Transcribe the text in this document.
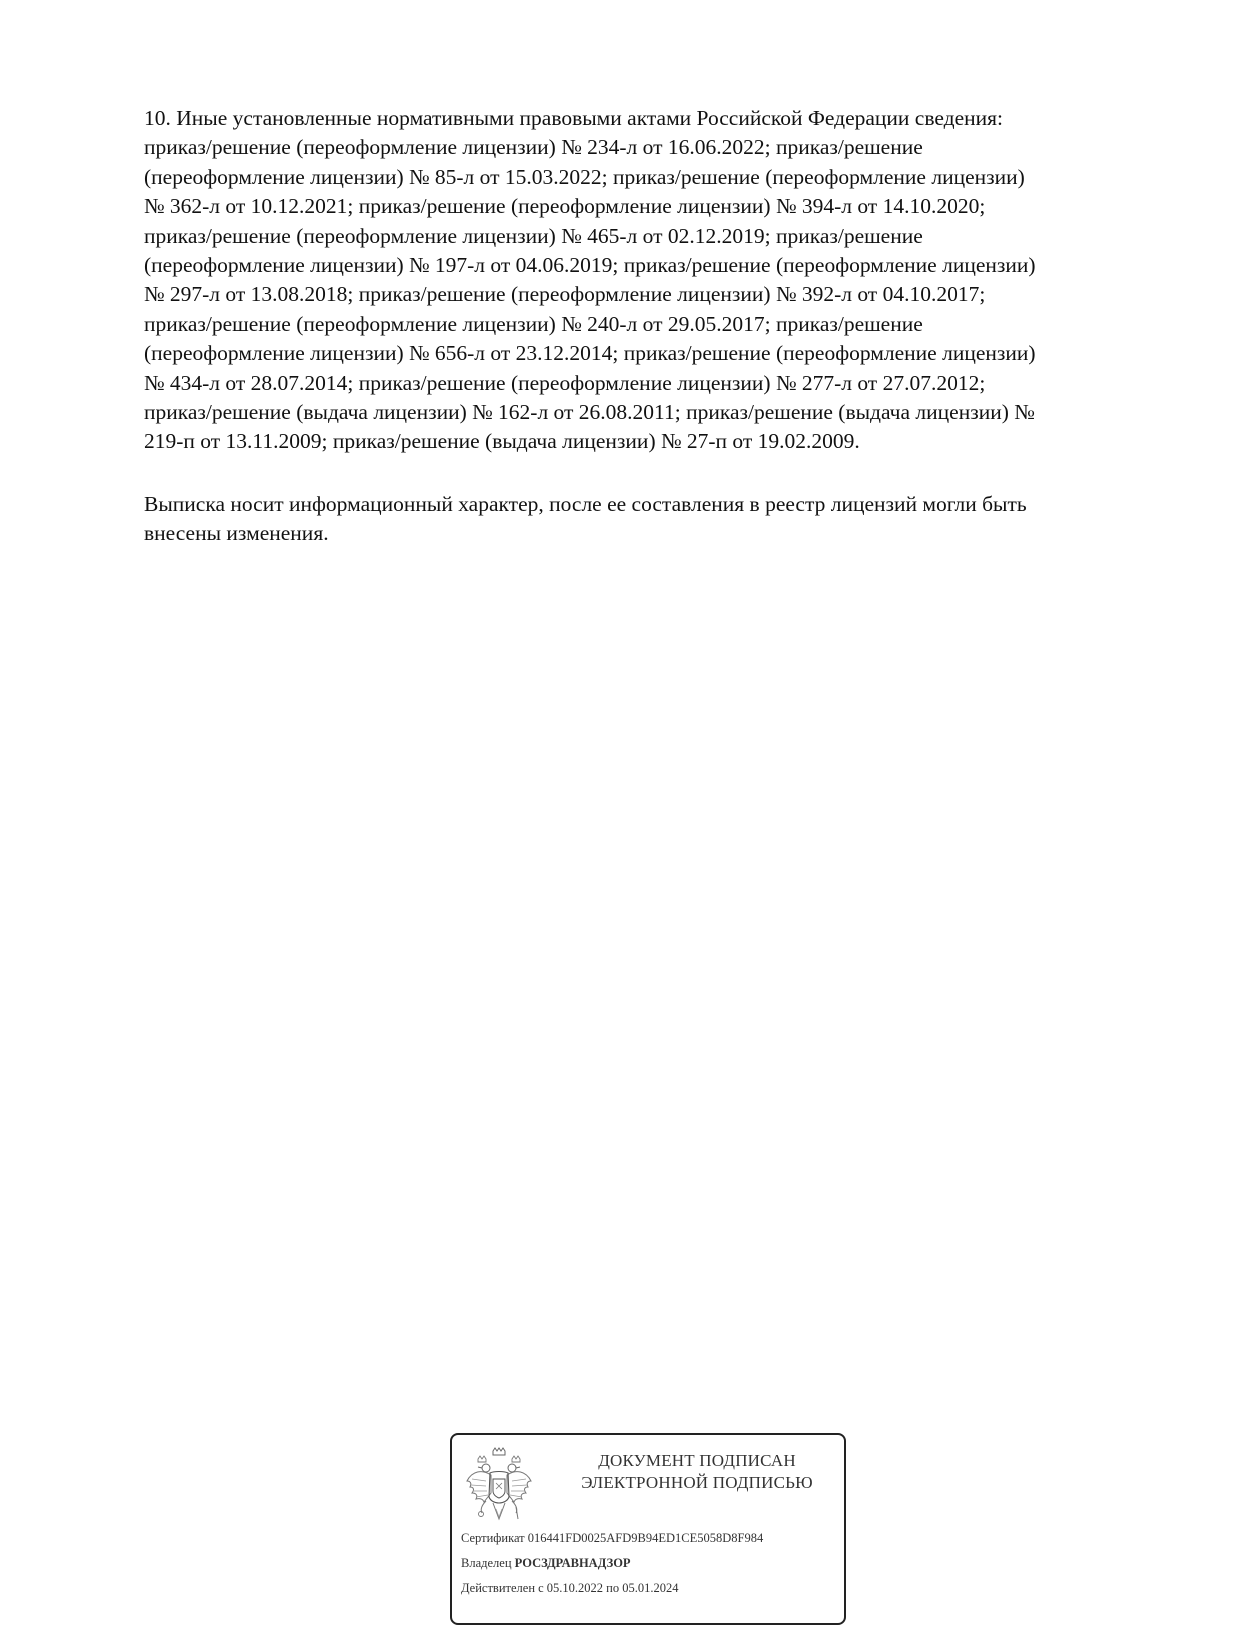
10. Иные установленные нормативными правовыми актами Российской Федерации сведения:
приказ/решение (переоформление лицензии) № 234-л от 16.06.2022; приказ/решение
(переоформление лицензии) № 85-л от 15.03.2022; приказ/решение (переоформление лицензии)
№ 362-л от 10.12.2021; приказ/решение (переоформление лицензии) № 394-л от 14.10.2020;
приказ/решение (переоформление лицензии) № 465-л от 02.12.2019; приказ/решение
(переоформление лицензии) № 197-л от 04.06.2019; приказ/решение (переоформление лицензии)
№ 297-л от 13.08.2018; приказ/решение (переоформление лицензии) № 392-л от 04.10.2017;
приказ/решение (переоформление лицензии) № 240-л от 29.05.2017; приказ/решение
(переоформление лицензии) № 656-л от 23.12.2014; приказ/решение (переоформление лицензии)
№ 434-л от 28.07.2014; приказ/решение (переоформление лицензии) № 277-л от 27.07.2012;
приказ/решение (выдача лицензии) № 162-л от 26.08.2011; приказ/решение (выдача лицензии) №
219-п от 13.11.2009; приказ/решение (выдача лицензии) № 27-п от 19.02.2009.
Выписка носит информационный характер, после ее составления в реестр лицензий могли быть
внесены изменения.
ДОКУМЕНТ ПОДПИСАН
ЭЛЕКТРОННОЙ ПОДПИСЬЮ
Сертификат 016441FD0025AFD9B94ED1CE5058D8F984
Владелец РОСЗДРАВНАДЗОР
Действителен с 05.10.2022 по 05.01.2024
